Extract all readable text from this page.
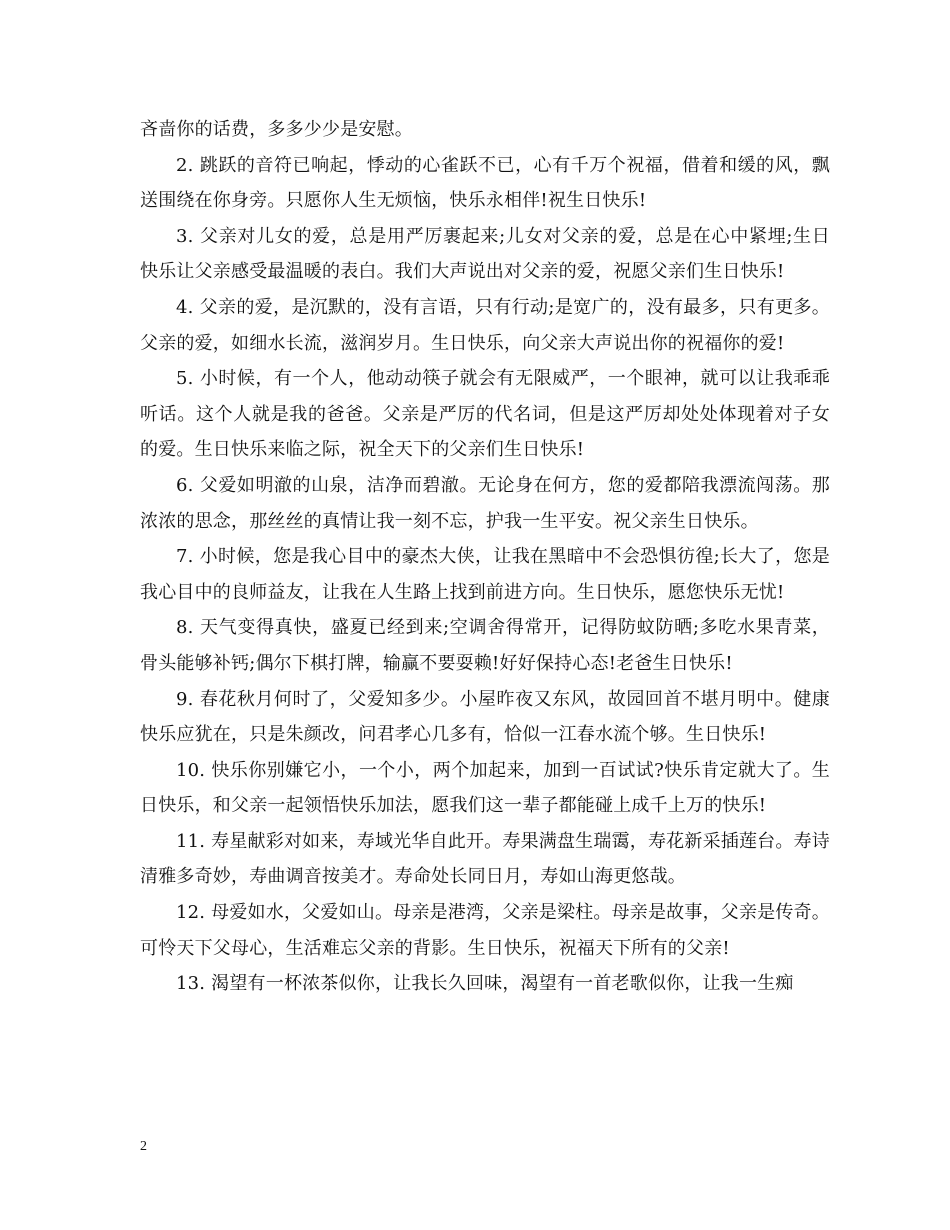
吝啬你的话费，多多少少是安慰。

2. 跳跃的音符已响起，悸动的心雀跃不已，心有千万个祝福，借着和缓的风，飘送围绕在你身旁。只愿你人生无烦恼，快乐永相伴!祝生日快乐!

3. 父亲对儿女的爱，总是用严厉裹起来;儿女对父亲的爱，总是在心中紧埋;生日快乐让父亲感受最温暖的表白。我们大声说出对父亲的爱，祝愿父亲们生日快乐!

4. 父亲的爱，是沉默的，没有言语，只有行动;是宽广的，没有最多，只有更多。父亲的爱，如细水长流，滋润岁月。生日快乐，向父亲大声说出你的祝福你的爱!

5. 小时候，有一个人，他动动筷子就会有无限威严，一个眼神，就可以让我乖乖听话。这个人就是我的爸爸。父亲是严厉的代名词，但是这严厉却处处体现着对子女的爱。生日快乐来临之际，祝全天下的父亲们生日快乐!

6. 父爱如明澈的山泉，洁净而碧澈。无论身在何方，您的爱都陪我漂流闯荡。那浓浓的思念，那丝丝的真情让我一刻不忘，护我一生平安。祝父亲生日快乐。

7. 小时候，您是我心目中的豪杰大侠，让我在黑暗中不会恐惧彷徨;长大了，您是我心目中的良师益友，让我在人生路上找到前进方向。生日快乐，愿您快乐无忧!

8. 天气变得真快，盛夏已经到来;空调舍得常开，记得防蚊防晒;多吃水果青菜，骨头能够补钙;偶尔下棋打牌，输赢不要耍赖!好好保持心态!老爸生日快乐!

9. 春花秋月何时了，父爱知多少。小屋昨夜又东风，故园回首不堪月明中。健康快乐应犹在，只是朱颜改，问君孝心几多有，恰似一江春水流个够。生日快乐!

10. 快乐你别嫌它小，一个小，两个加起来，加到一百试试?快乐肯定就大了。生日快乐，和父亲一起领悟快乐加法，愿我们这一辈子都能碰上成千上万的快乐!

11. 寿星献彩对如来，寿域光华自此开。寿果满盘生瑞霭，寿花新采插莲台。寿诗清雅多奇妙，寿曲调音按美才。寿命处长同日月，寿如山海更悠哉。

12. 母爱如水，父爱如山。母亲是港湾，父亲是梁柱。母亲是故事，父亲是传奇。可怜天下父母心，生活难忘父亲的背影。生日快乐，祝福天下所有的父亲!

13. 渴望有一杯浓茶似你，让我长久回味，渴望有一首老歌似你，让我一生痴

2
